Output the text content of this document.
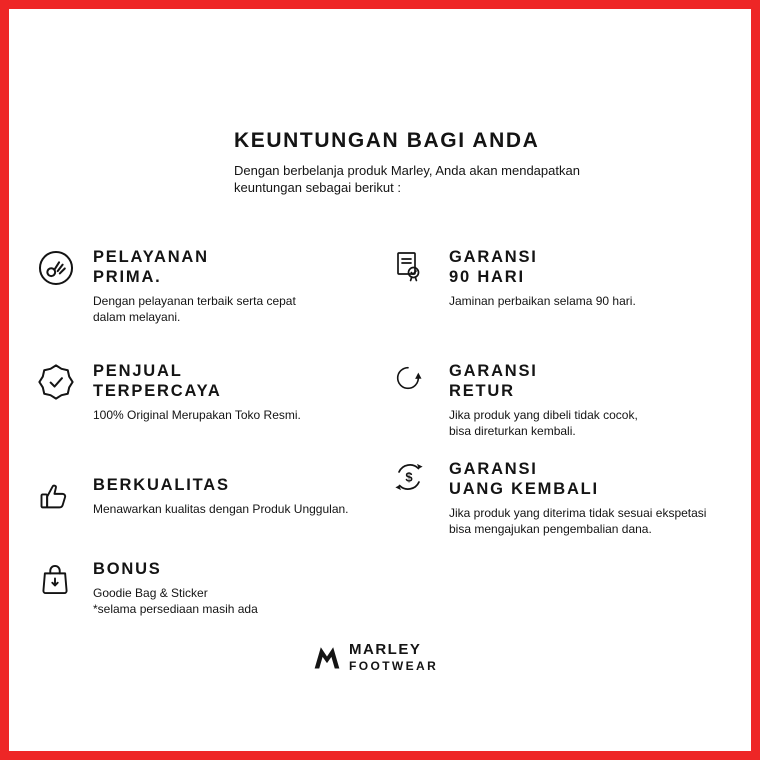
KEUNTUNGAN BAGI ANDA
Dengan berbelanja produk Marley, Anda akan mendapatkan
keuntungan sebagai berikut :
PELAYANAN
PRIMA.
Dengan pelayanan terbaik serta cepat
dalam melayani.
PENJUAL
TERPERCAYA
100% Original Merupakan Toko Resmi.
BERKUALITAS
Menawarkan kualitas dengan Produk Unggulan.
BONUS
Goodie Bag & Sticker
*selama persediaan masih ada
GARANSI
90 HARI
Jaminan perbaikan selama 90 hari.
GARANSI
RETUR
Jika produk yang dibeli tidak cocok,
bisa direturkan kembali.
$ GARANSI
UANG KEMBALI
Jika produk yang diterima tidak sesuai ekspetasi
bisa mengajukan pengembalian dana.
MARLEY
FOOTWEAR
